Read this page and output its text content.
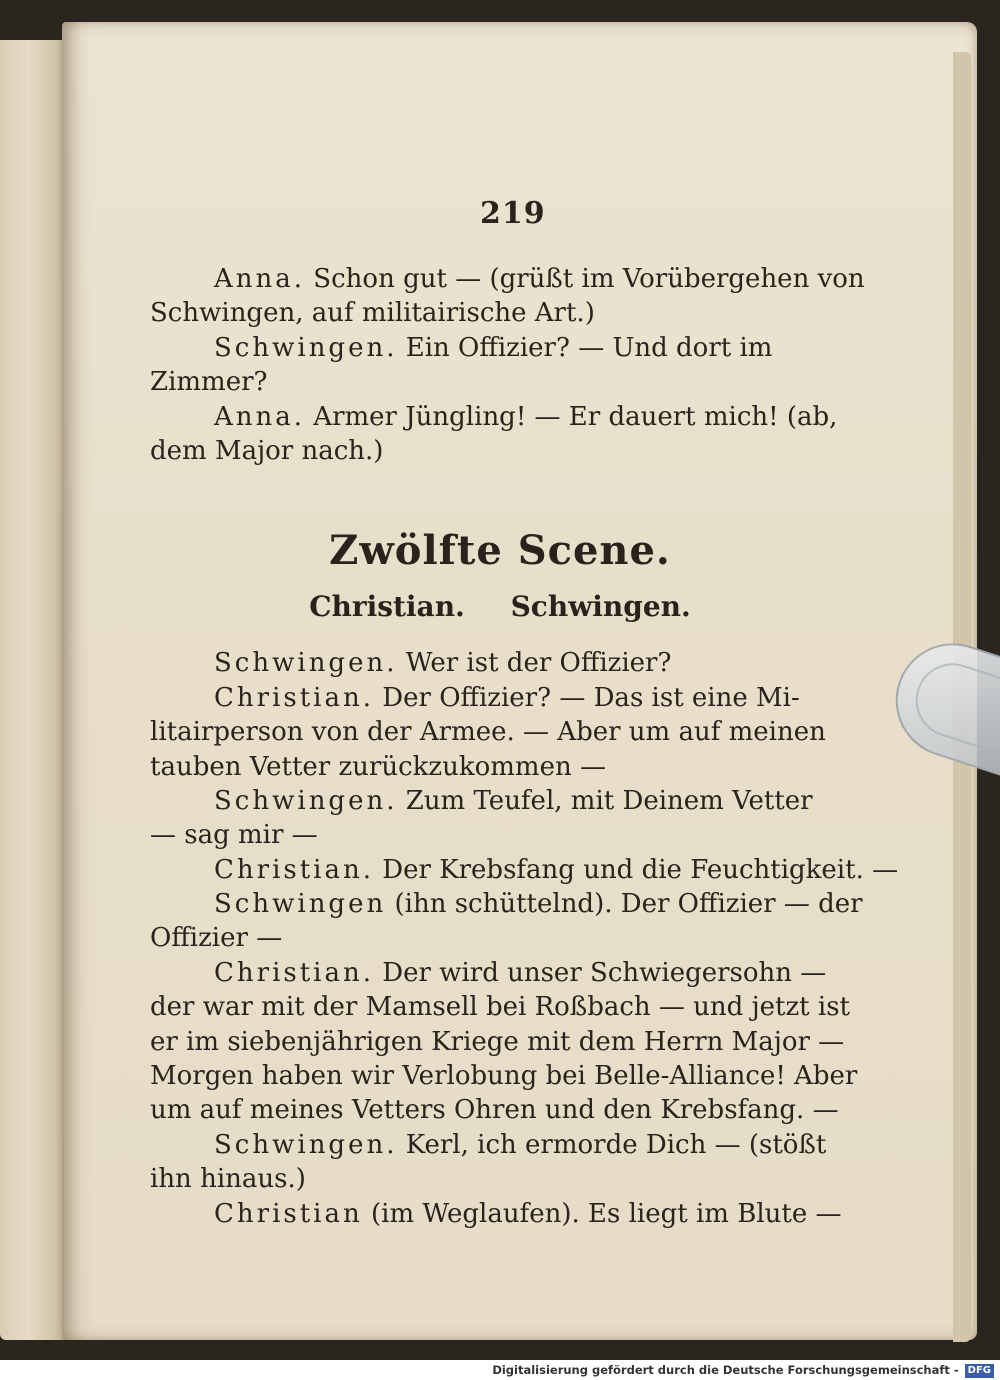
219
Anna. Schon gut — (grüßt im Vorübergehen von
Schwingen, auf militairische Art.)
Schwingen. Ein Offizier? — Und dort im
Zimmer?
Anna. Armer Jüngling! — Er dauert mich! (ab,
dem Major nach.)
Zwölfte Scene.
Christian. Schwingen.
Schwingen. Wer ist der Offizier?
Christian. Der Offizier? — Das ist eine Mi-
litairperson von der Armee. — Aber um auf meinen
tauben Vetter zurückzukommen —
Schwingen. Zum Teufel, mit Deinem Vetter
— sag mir —
Christian. Der Krebsfang und die Feuchtigkeit. —
Schwingen (ihn schüttelnd). Der Offizier — der
Offizier —
Christian. Der wird unser Schwiegersohn —
der war mit der Mamsell bei Roßbach — und jetzt ist
er im siebenjährigen Kriege mit dem Herrn Major —
Morgen haben wir Verlobung bei Belle-Alliance! Aber
um auf meines Vetters Ohren und den Krebsfang. —
Schwingen. Kerl, ich ermorde Dich — (stößt
ihn hinaus.)
Christian (im Weglaufen). Es liegt im Blute —
Digitalisierung gefördert durch die Deutsche Forschungsgemeinschaft - DFG
